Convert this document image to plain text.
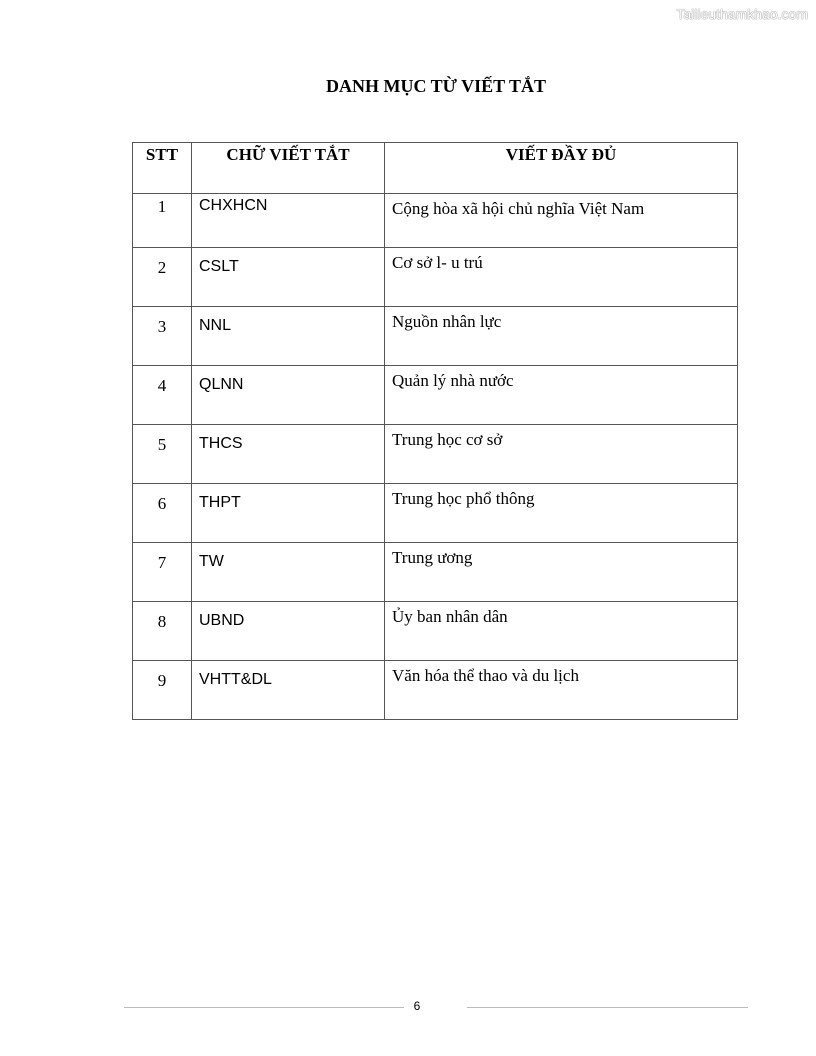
Tailieuthamkhao.com
DANH MỤC TỪ VIẾT TẮT
STT	CHỮ VIẾT TẮT	VIẾT ĐẦY ĐỦ
1	CHXHCN	Cộng hòa xã hội chủ nghĩa Việt Nam
2	CSLT	Cơ sở l- u trú
3	NNL	Nguồn nhân lực
4	QLNN	Quản lý nhà nước
5	THCS	Trung học cơ sở
6	THPT	Trung học phổ thông
7	TW	Trung ương
8	UBND	Ủy ban nhân dân
9	VHTT&DL	Văn hóa thể thao và du lịch
6
